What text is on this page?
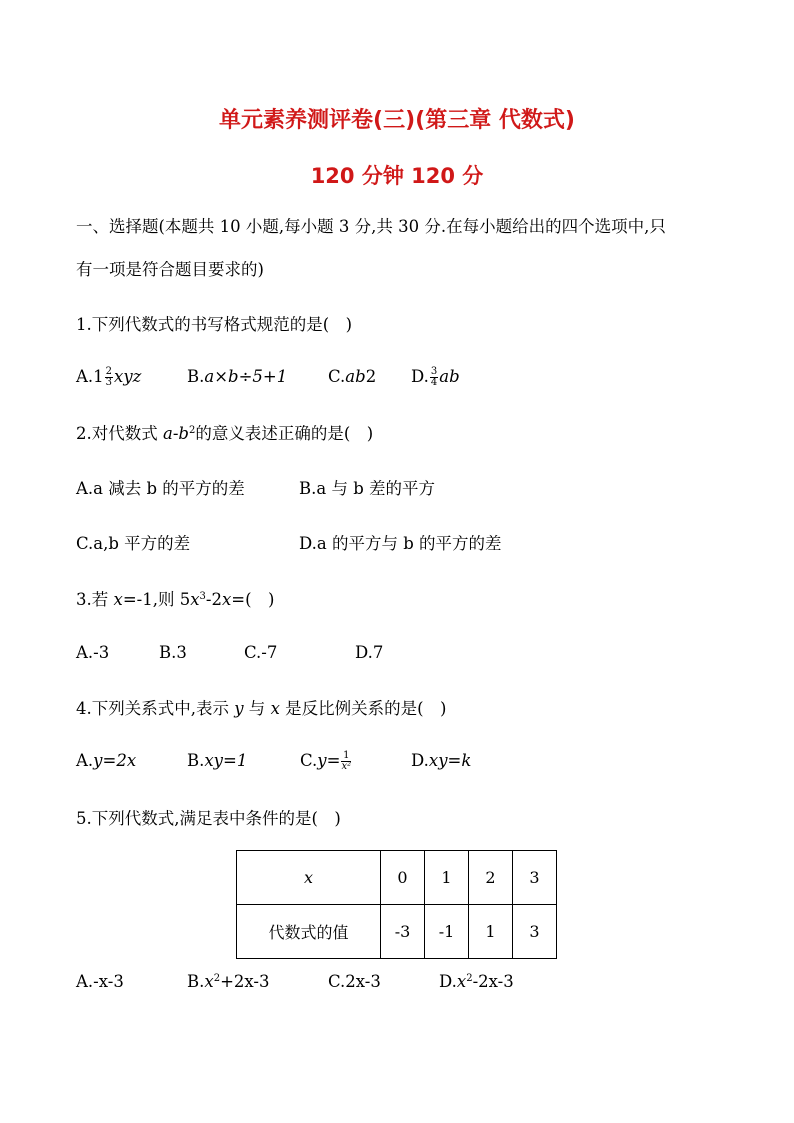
单元素养测评卷(三)(第三章 代数式)
120 分钟 120 分
一、选择题(本题共 10 小题,每小题 3 分,共 30 分.在每小题给出的四个选项中,只
有一项是符合题目要求的)
1.下列代数式的书写格式规范的是(　)
$A.1 \frac{2}{3}$ xyz	B.a×b÷5+1 C.ab2 D. $\frac{3}{4}$ ab
2.对代数式 $a-b^2$的意义表述正确的是(　)
A.a 减去 b 的平方的差	B.a 与 b 差的平方
C.a,b 平方的差	D.a 的平方与 b 的平方的差
3.若 x=-1,则 $5x^3-2x=$(　)
A.-3	B.3	C.-7	D.7
4.下列关系式中,表示 y 与 x 是反比例关系的是(　)
A.y=2x	B.xy=1	$C.y= \frac{1}{\text{x²}}$	D.xy=k
5.下列代数式,满足表中条件的是(　)
x	0	1	2	3
代数式的值	-3	-1	1	3
A.-x-3	$B.x^2+2x-3$	C.2x-3	$D.x^2-2x-3$
